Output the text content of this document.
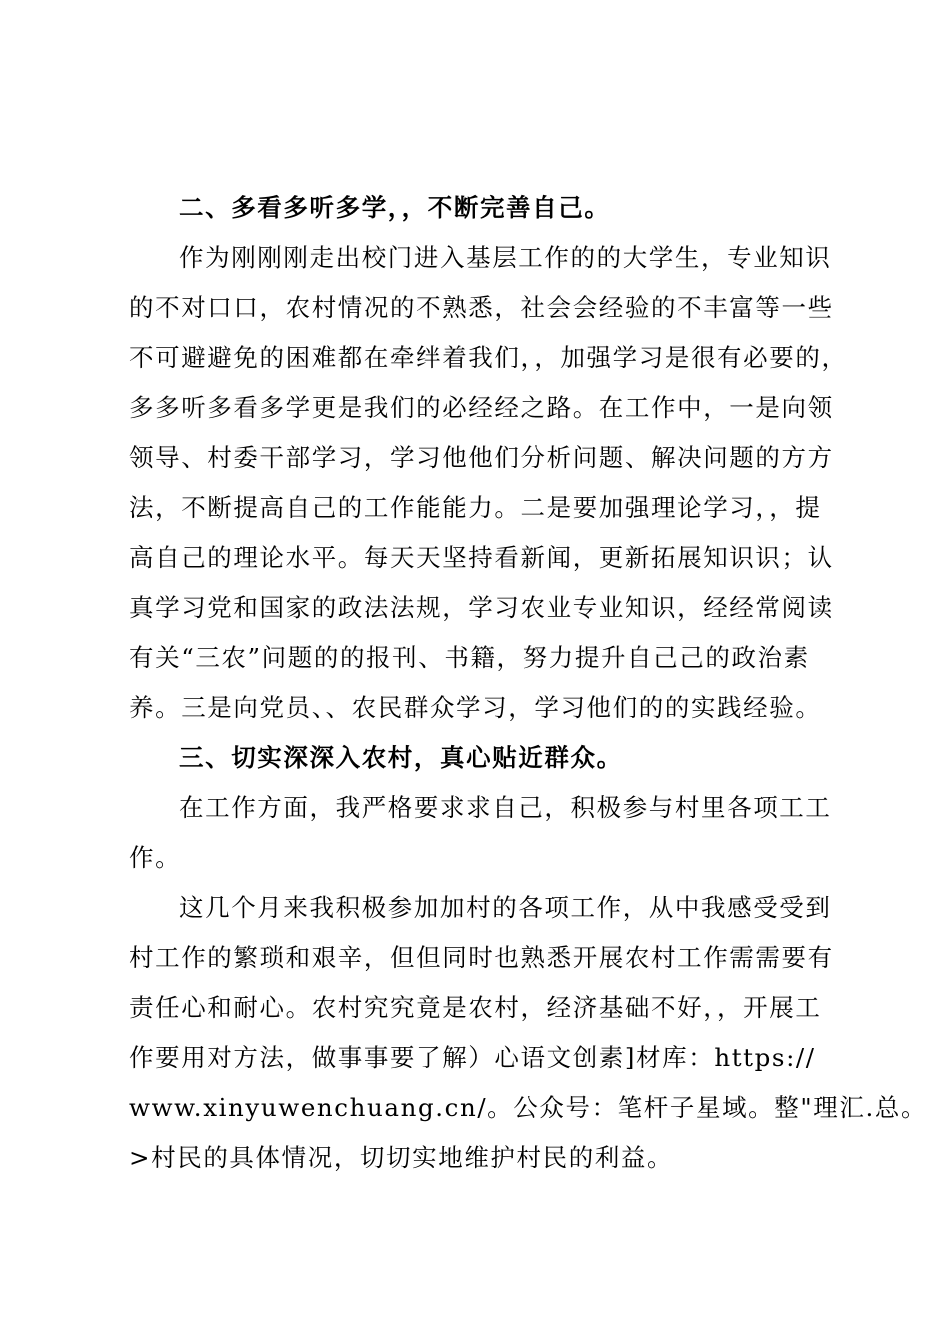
二、多看多听多学，，不断完善自己。
作为刚刚刚走出校门进入基层工作的的大学生，专业知识
的不对口口，农村情况的不熟悉，社会会经验的不丰富等一些
不可避避免的困难都在牵绊着我们，，加强学习是很有必要的，
多多听多看多学更是我们的必经经之路。在工作中，一是向领
领导、村委干部学习，学习他他们分析问题、解决问题的方方
法，不断提高自己的工作能能力。二是要加强理论学习，，提
高自己的理论水平。每天天坚持看新闻，更新拓展知识识；认
真学习党和国家的政法法规，学习农业专业知识，经经常阅读
有关“三农”问题的的报刊、书籍，努力提升自己己的政治素
养。三是向党员、、农民群众学习，学习他们的的实践经验。
三、切实深深入农村，真心贴近群众。
在工作方面，我严格要求求自己，积极参与村里各项工工
作。
这几个月来我积极参加加村的各项工作，从中我感受受到
村工作的繁琐和艰辛，但但同时也熟悉开展农村工作需需要有
责任心和耐心。农村究究竟是农村，经济基础不好，，开展工
作要用对方法，做事事要了解）心语文创素]材库：https://
www.xinyuwenchuang.cn/。公众号：笔杆子星域。整"理汇.总。
>村民的具体情况，切切实地维护村民的利益。
